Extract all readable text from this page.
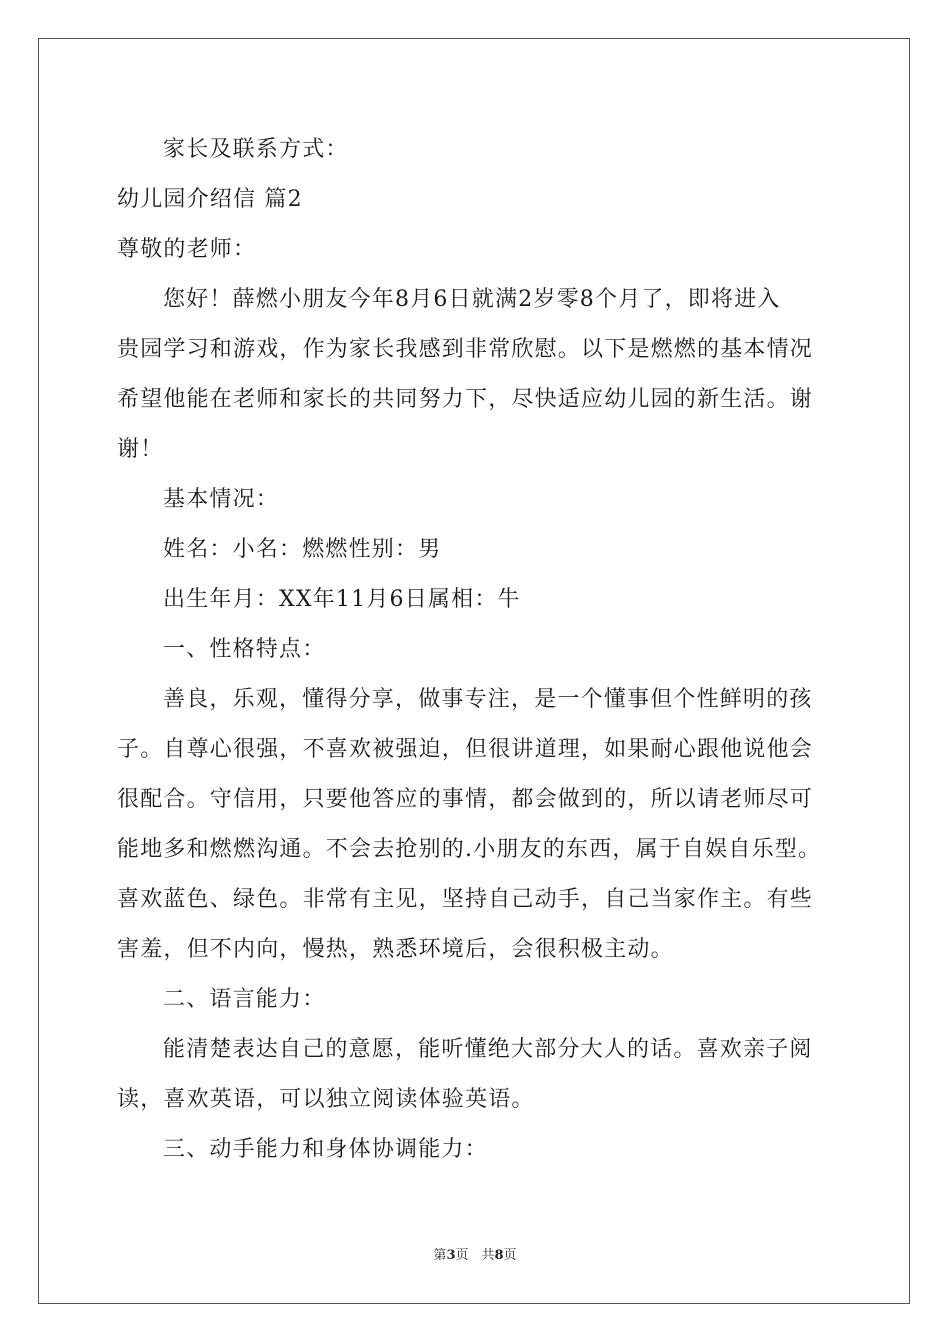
家长及联系方式：
幼儿园介绍信 篇2
尊敬的老师：
您好！薛燃小朋友今年8月6日就满2岁零8个月了，即将进入
贵园学习和游戏，作为家长我感到非常欣慰。以下是燃燃的基本情况
希望他能在老师和家长的共同努力下，尽快适应幼儿园的新生活。谢
谢！
基本情况：
姓名：小名：燃燃性别：男
出生年月：XX年11月6日属相：牛
一、性格特点：
善良，乐观，懂得分享，做事专注，是一个懂事但个性鲜明的孩
子。自尊心很强，不喜欢被强迫，但很讲道理，如果耐心跟他说他会
很配合。守信用，只要他答应的事情，都会做到的，所以请老师尽可
能地多和燃燃沟通。不会去抢别的.小朋友的东西，属于自娱自乐型。
喜欢蓝色、绿色。非常有主见，坚持自己动手，自己当家作主。有些
害羞，但不内向，慢热，熟悉环境后，会很积极主动。
二、语言能力：
能清楚表达自己的意愿，能听懂绝大部分大人的话。喜欢亲子阅
读，喜欢英语，可以独立阅读体验英语。
三、动手能力和身体协调能力：
第3页　共8页
